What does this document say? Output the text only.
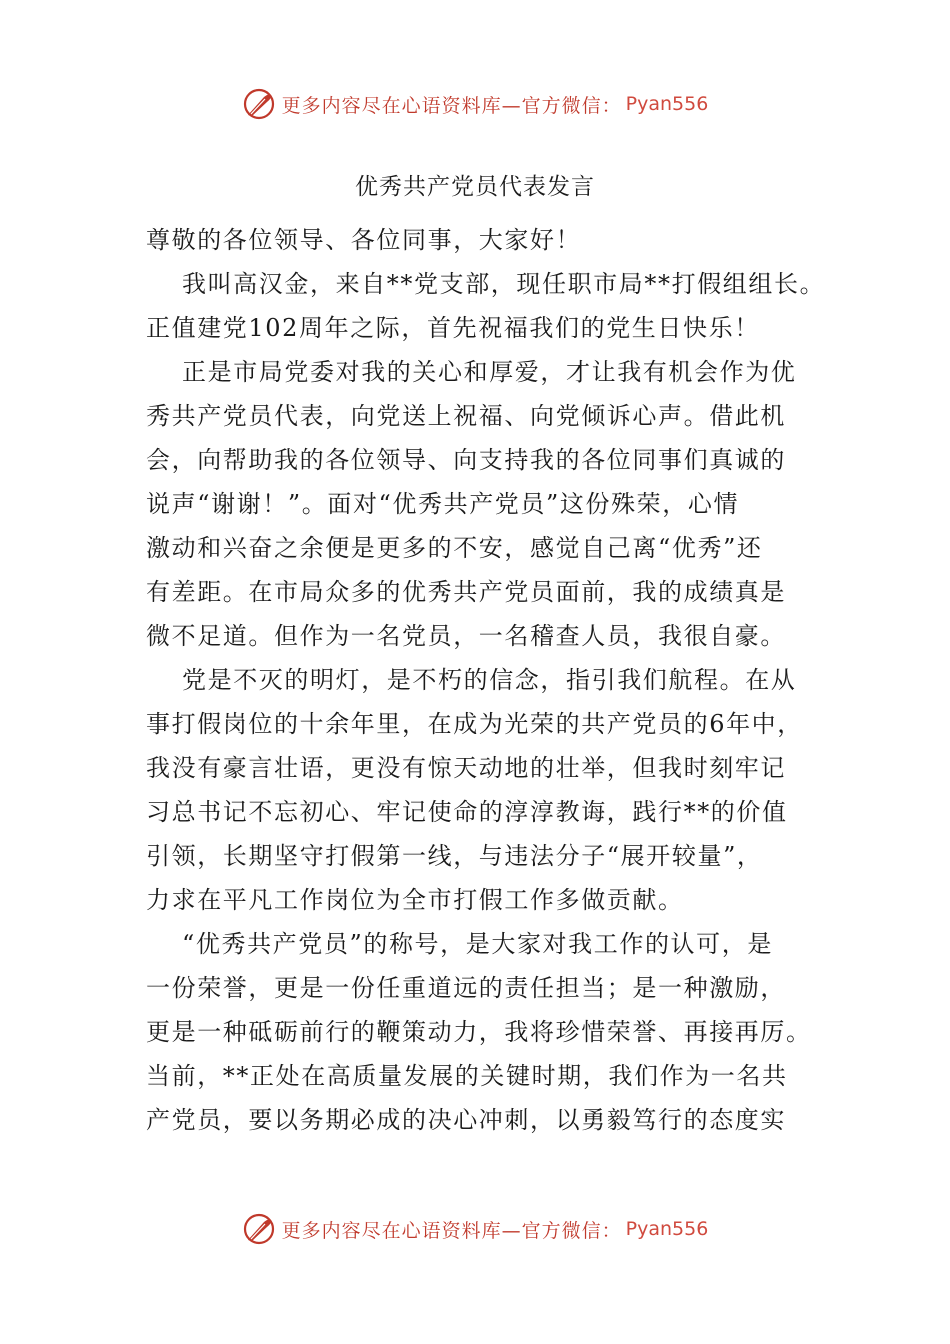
更多内容尽在心语资料库—官方微信： Pyan556
优秀共产党员代表发言
尊敬的各位领导、各位同事，大家好！
我叫高汉金，来自**党支部，现任职市局**打假组组长。
正值建党102周年之际，首先祝福我们的党生日快乐！
正是市局党委对我的关心和厚爱，才让我有机会作为优
秀共产党员代表，向党送上祝福、向党倾诉心声。借此机
会，向帮助我的各位领导、向支持我的各位同事们真诚的
说声“谢谢！”。面对“优秀共产党员”这份殊荣，心情
激动和兴奋之余便是更多的不安，感觉自己离“优秀”还
有差距。在市局众多的优秀共产党员面前，我的成绩真是
微不足道。但作为一名党员，一名稽查人员，我很自豪。
党是不灭的明灯，是不朽的信念，指引我们航程。在从
事打假岗位的十余年里，在成为光荣的共产党员的6年中，
我没有豪言壮语，更没有惊天动地的壮举，但我时刻牢记
习总书记不忘初心、牢记使命的淳淳教诲，践行**的价值
引领，长期坚守打假第一线，与违法分子“展开较量”，
力求在平凡工作岗位为全市打假工作多做贡献。
“优秀共产党员”的称号，是大家对我工作的认可，是
一份荣誉，更是一份任重道远的责任担当；是一种激励，
更是一种砥砺前行的鞭策动力，我将珍惜荣誉、再接再厉。
当前，**正处在高质量发展的关键时期，我们作为一名共
产党员，要以务期必成的决心冲刺，以勇毅笃行的态度实
更多内容尽在心语资料库—官方微信： Pyan556
